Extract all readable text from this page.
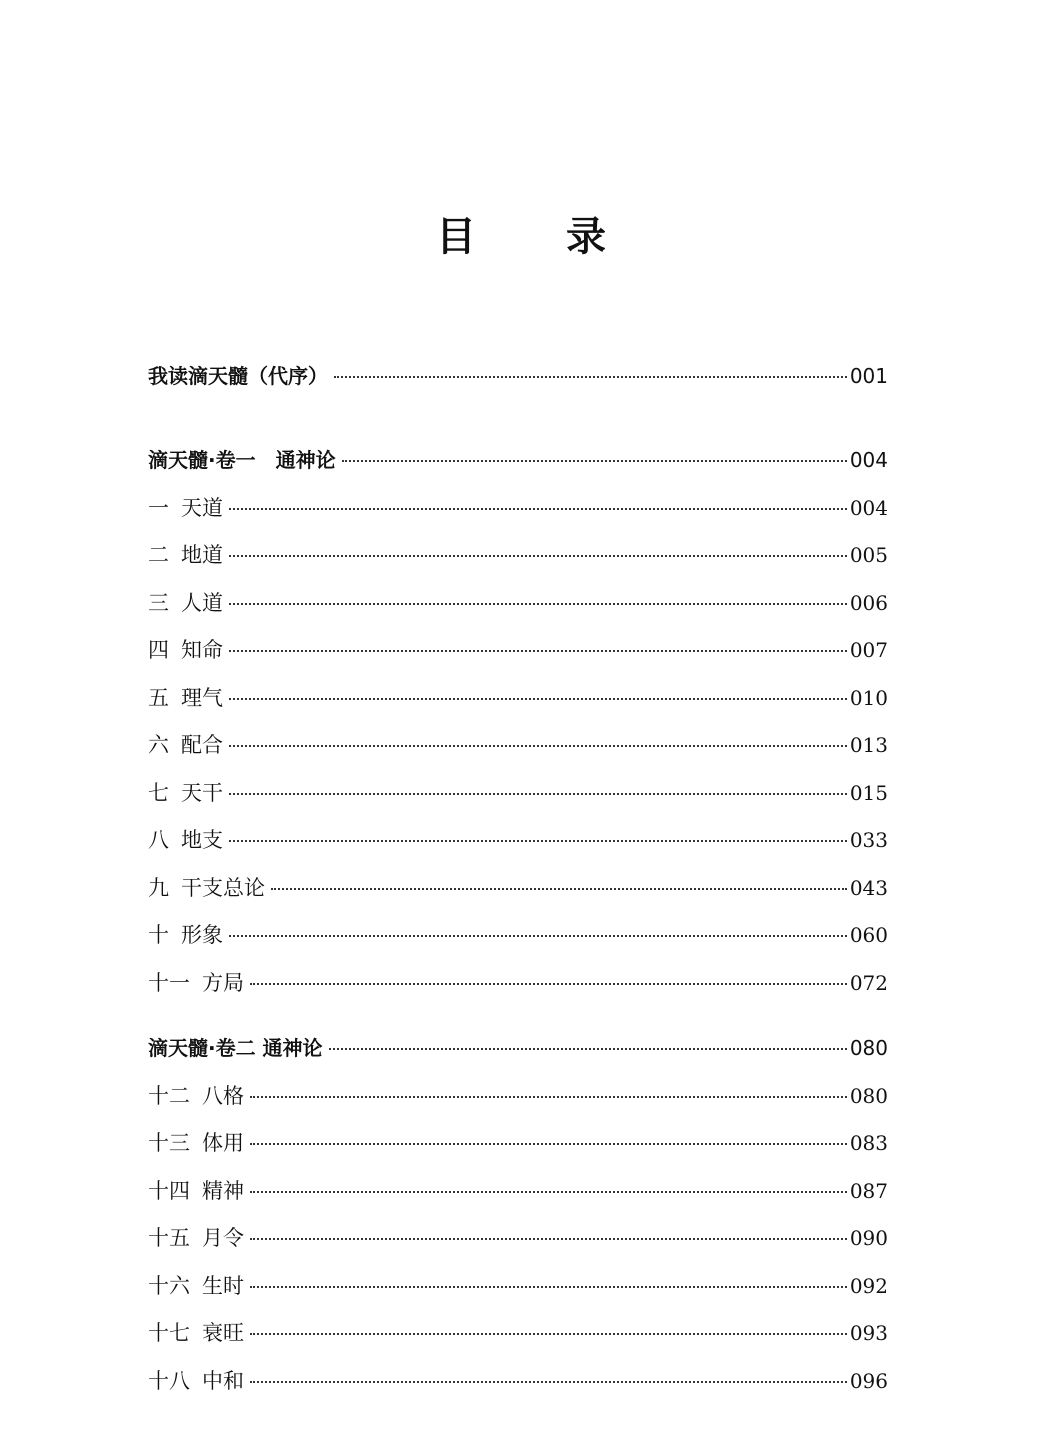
目 录
我读滴天髓（代序）	001
滴天髓·卷一　通神论	004
一 天道	004
二 地道	005
三 人道	006
四 知命	007
五 理气	010
六 配合	013
七 天干	015
八 地支	033
九 干支总论	043
十 形象	060
十一 方局	072
滴天髓·卷二 通神论	080
十二 八格	080
十三 体用	083
十四 精神	087
十五 月令	090
十六 生时	092
十七 衰旺	093
十八 中和	096
